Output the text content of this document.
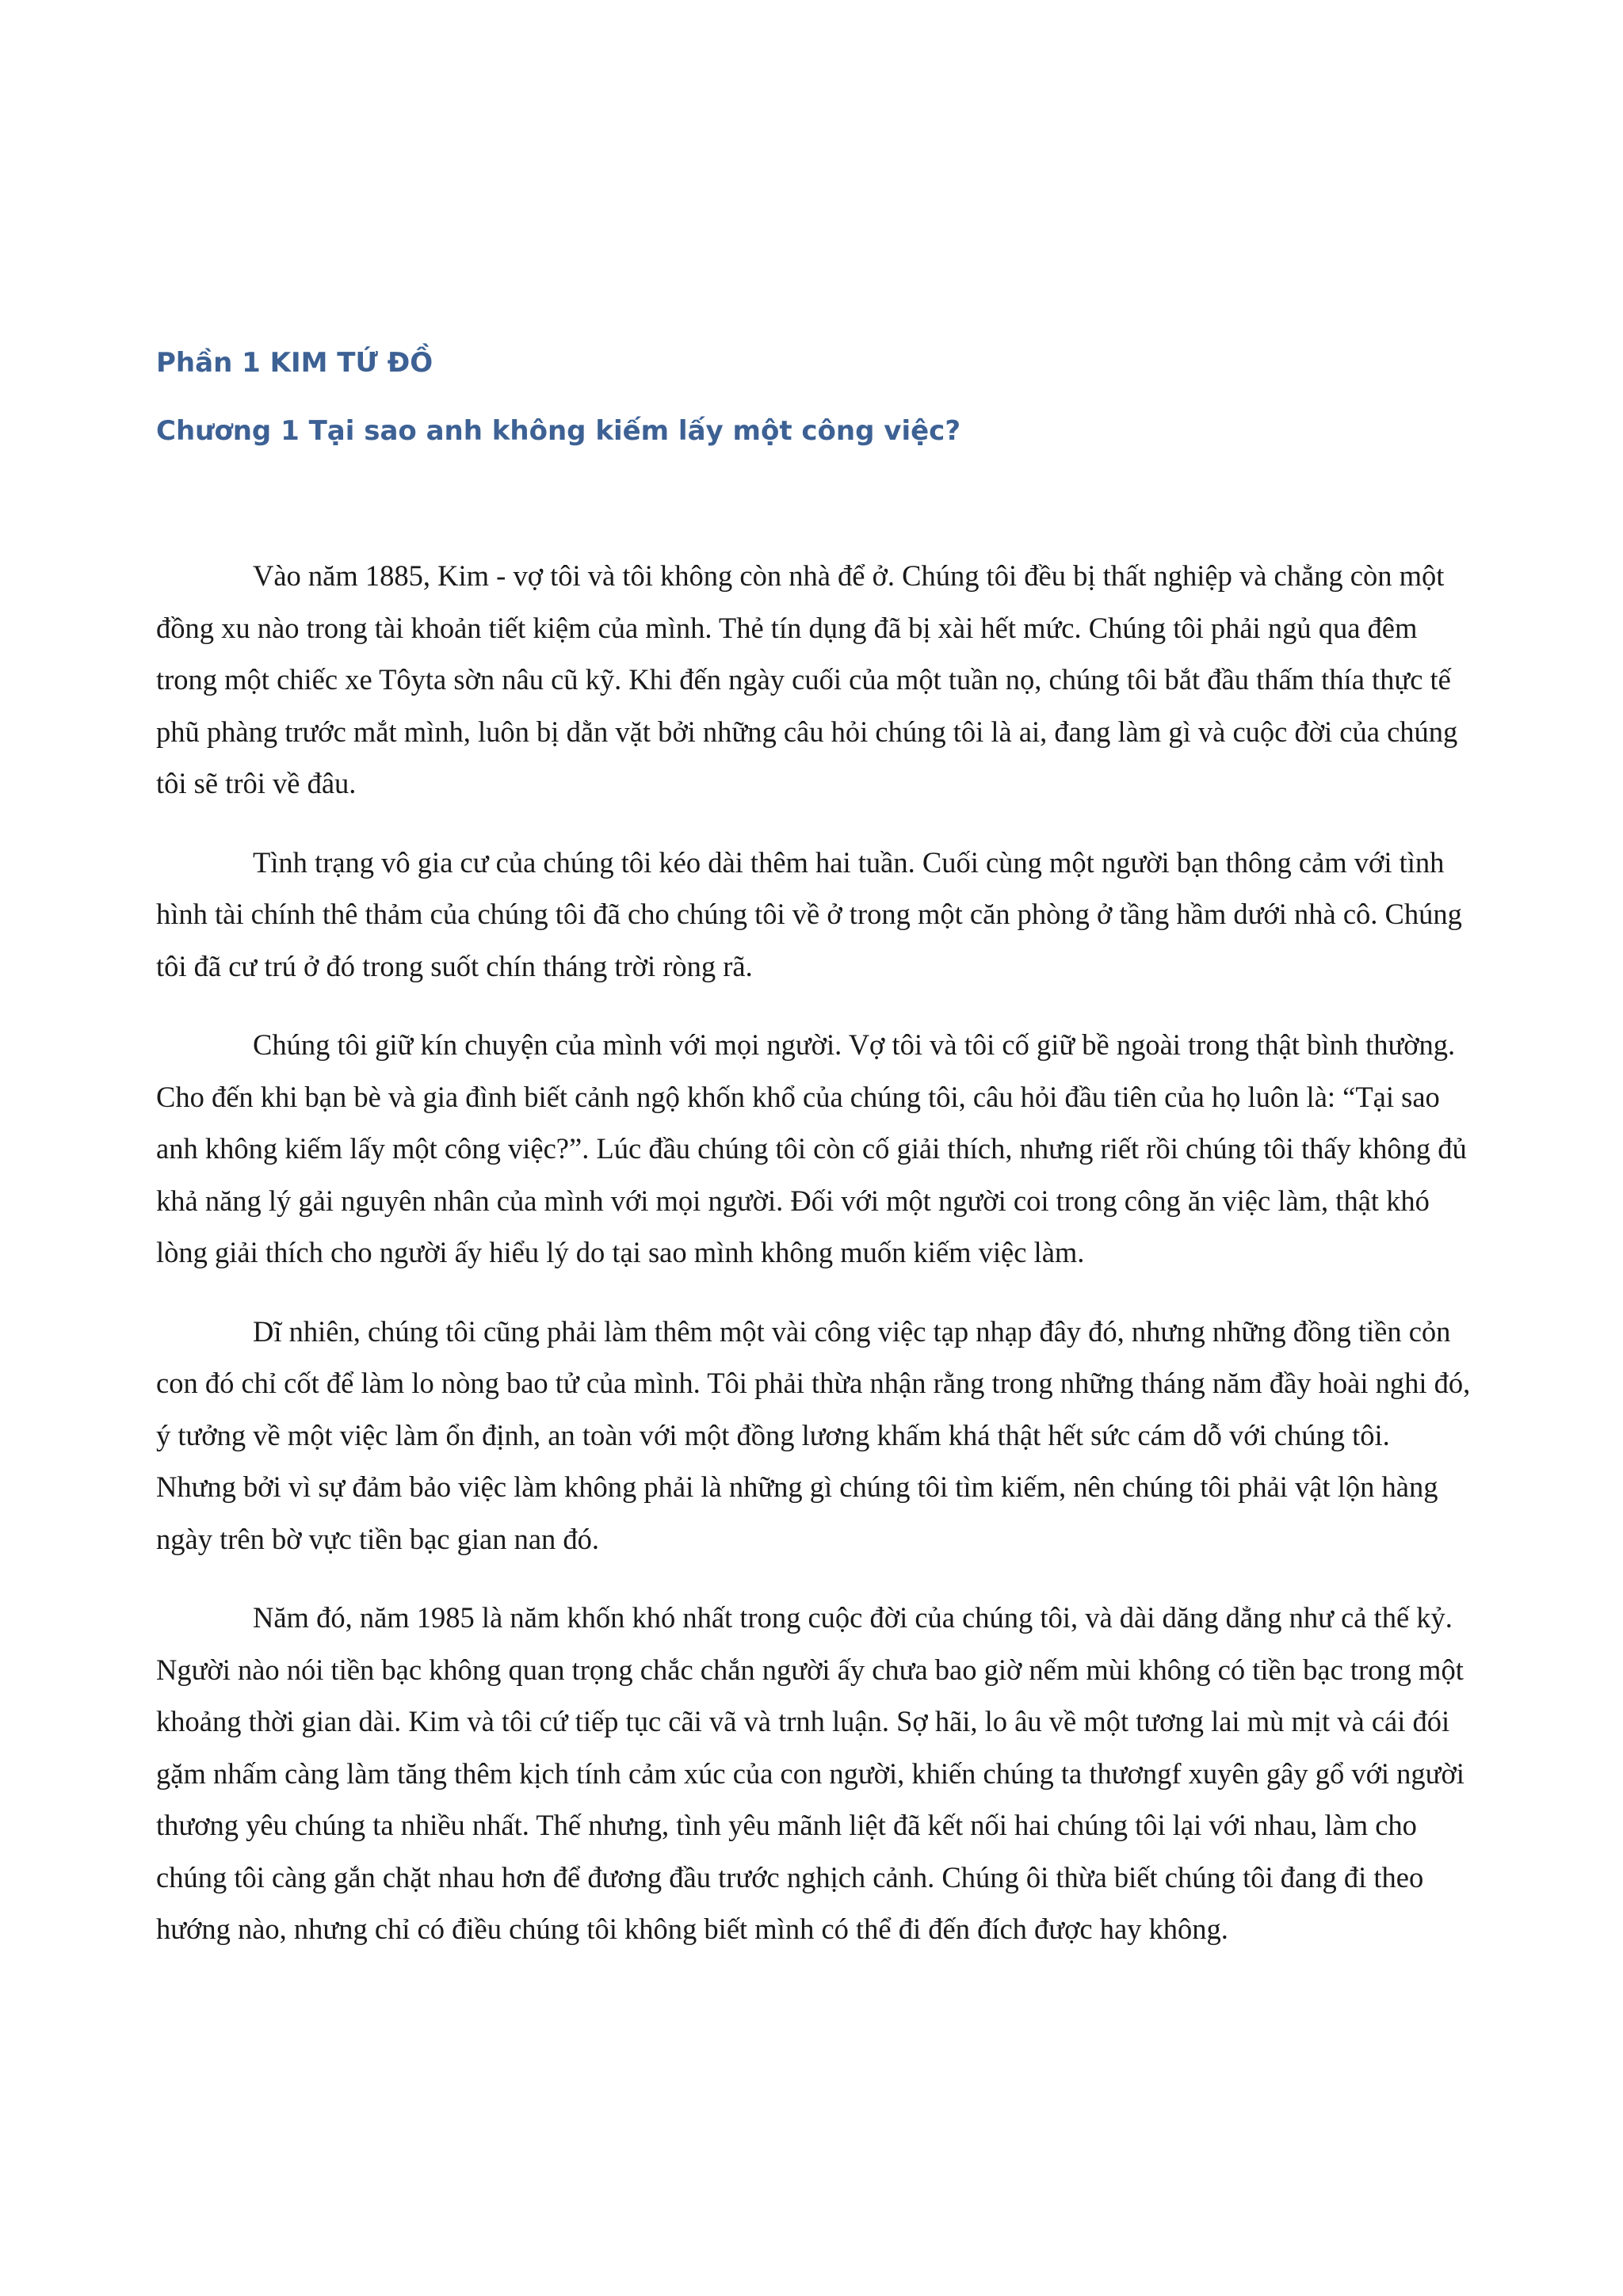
Phần 1 KIM TỨ ĐỒ
Chương 1 Tại sao anh không kiếm lấy một công việc?

Vào năm 1885, Kim - vợ tôi và tôi không còn nhà để ở. Chúng tôi đều bị thất nghiệp và chẳng còn một đồng xu nào trong tài khoản tiết kiệm của mình. Thẻ tín dụng đã bị xài hết mức. Chúng tôi phải ngủ qua đêm trong một chiếc xe Tôyta sờn nâu cũ kỹ. Khi đến ngày cuối của một tuần nọ, chúng tôi bắt đầu thấm thía thực tế phũ phàng trước mắt mình, luôn bị dằn vặt bởi những câu hỏi chúng tôi là ai, đang làm gì và cuộc đời của chúng tôi sẽ trôi về đâu.

Tình trạng vô gia cư của chúng tôi kéo dài thêm hai tuần. Cuối cùng một người bạn thông cảm với tình hình tài chính thê thảm của chúng tôi đã cho chúng tôi về ở trong một căn phòng ở tầng hầm dưới nhà cô. Chúng tôi đã cư trú ở đó trong suốt chín tháng trời ròng rã.

Chúng tôi giữ kín chuyện của mình với mọi người. Vợ tôi và tôi cố giữ bề ngoài trong thật bình thường. Cho đến khi bạn bè và gia đình biết cảnh ngộ khốn khổ của chúng tôi, câu hỏi đầu tiên của họ luôn là: “Tại sao anh không kiếm lấy một công việc?”. Lúc đầu chúng tôi còn cố giải thích, nhưng riết rồi chúng tôi thấy không đủ khả năng lý gải nguyên nhân của mình với mọi người. Đối với một người coi trong công ăn việc làm, thật khó lòng giải thích cho người ấy hiểu lý do tại sao mình không muốn kiếm việc làm.

Dĩ nhiên, chúng tôi cũng phải làm thêm một vài công việc tạp nhạp đây đó, nhưng những đồng tiền cỏn con đó chỉ cốt để làm lo nòng bao tử của mình. Tôi phải thừa nhận rằng trong những tháng năm đầy hoài nghi đó, ý tưởng về một việc làm ổn định, an toàn với một đồng lương khấm khá thật hết sức cám dỗ với chúng tôi. Nhưng bởi vì sự đảm bảo việc làm không phải là những gì chúng tôi tìm kiếm, nên chúng tôi phải vật lộn hàng ngày trên bờ vực tiền bạc gian nan đó.

Năm đó, năm 1985 là năm khốn khó nhất trong cuộc đời của chúng tôi, và dài dăng dẳng như cả thế kỷ. Người nào nói tiền bạc không quan trọng chắc chắn người ấy chưa bao giờ nếm mùi không có tiền bạc trong một khoảng thời gian dài. Kim và tôi cứ tiếp tục cãi vã và trnh luận. Sợ hãi, lo âu về một tương lai mù mịt và cái đói gặm nhấm càng làm tăng thêm kịch tính cảm xúc của con người, khiến chúng ta thươngf xuyên gây gổ với người thương yêu chúng ta nhiều nhất. Thế nhưng, tình yêu mãnh liệt đã kết nối hai chúng tôi lại với nhau, làm cho chúng tôi càng gắn chặt nhau hơn để đương đầu trước nghịch cảnh. Chúng ôi thừa biết chúng tôi đang đi theo hướng nào, nhưng chỉ có điều chúng tôi không biết mình có thể đi đến đích được hay không.
